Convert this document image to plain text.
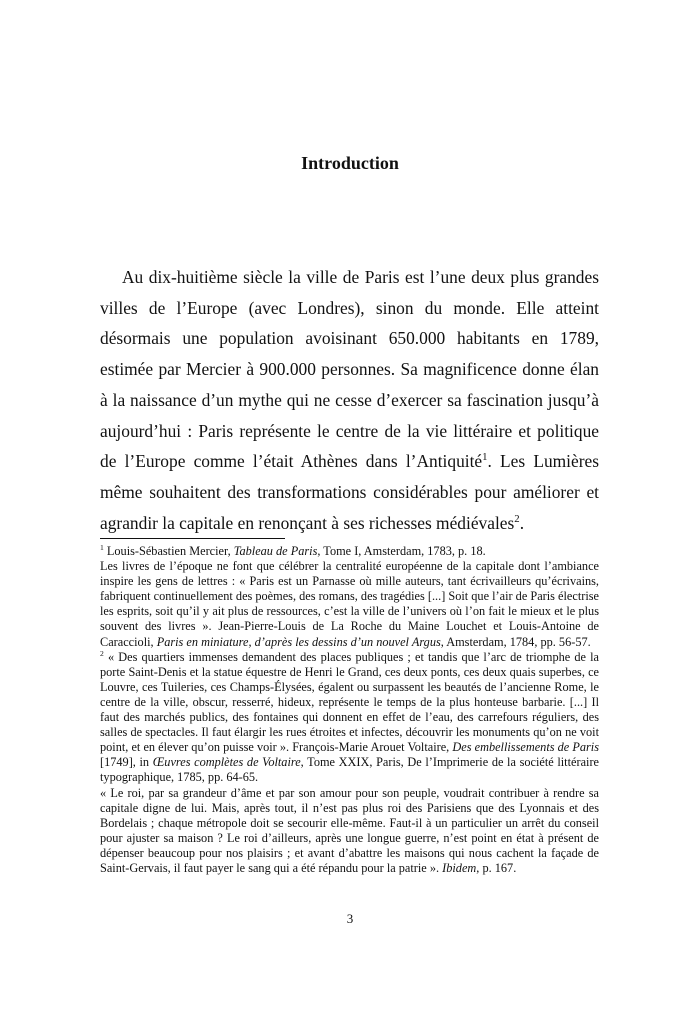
Introduction

Au dix-huitième siècle la ville de Paris est l’une deux plus grandes villes de l’Europe (avec Londres), sinon du monde. Elle atteint désormais une population avoisinant 650.000 habitants en 1789, estimée par Mercier à 900.000 personnes. Sa magnificence donne élan à la naissance d’un mythe qui ne cesse d’exercer sa fascination jusqu’à aujourd’hui : Paris représente le centre de la vie littéraire et politique de l’Europe comme l’était Athènes dans l’Antiquité$^1$. Les Lumières même souhaitent des transformations considérables pour améliorer et agrandir la capitale en renonçant à ses richesses médiévales$^2$.

$^1$ Louis-Sébastien Mercier, Tableau de Paris, Tome I, Amsterdam, 1783, p. 18.

Les livres de l’époque ne font que célébrer la centralité européenne de la capitale dont l’ambiance inspire les gens de lettres : « Paris est un Parnasse où mille auteurs, tant écrivailleurs qu’écrivains, fabriquent continuellement des poèmes, des romans, des tragédies [...] Soit que l’air de Paris électrise les esprits, soit qu’il y ait plus de ressources, c’est la ville de l’univers où l’on fait le mieux et le plus souvent des livres ». Jean-Pierre-Louis de La Roche du Maine Louchet et Louis-Antoine de Caraccioli, Paris en miniature, d’après les dessins d’un nouvel Argus, Amsterdam, 1784, pp. 56-57.

$^2$ « Des quartiers immenses demandent des places publiques ; et tandis que l’arc de triomphe de la porte Saint-Denis et la statue équestre de Henri le Grand, ces deux ponts, ces deux quais superbes, ce Louvre, ces Tuileries, ces Champs-Élysées, égalent ou surpassent les beautés de l’ancienne Rome, le centre de la ville, obscur, resserré, hideux, représente le temps de la plus honteuse barbarie. [...] Il faut des marchés publics, des fontaines qui donnent en effet de l’eau, des carrefours réguliers, des salles de spectacles. Il faut élargir les rues étroites et infectes, découvrir les monuments qu’on ne voit point, et en élever qu’on puisse voir ». François-Marie Arouet Voltaire, Des embellissements de Paris [1749], in Œuvres complètes de Voltaire, Tome XXIX, Paris, De l’Imprimerie de la société littéraire typographique, 1785, pp. 64-65.

« Le roi, par sa grandeur d’âme et par son amour pour son peuple, voudrait contribuer à rendre sa capitale digne de lui. Mais, après tout, il n’est pas plus roi des Parisiens que des Lyonnais et des Bordelais ; chaque métropole doit se secourir elle-même. Faut-il à un particulier un arrêt du conseil pour ajuster sa maison ? Le roi d’ailleurs, après une longue guerre, n’est point en état à présent de dépenser beaucoup pour nos plaisirs ; et avant d’abattre les maisons qui nous cachent la façade de Saint-Gervais, il faut payer le sang qui a été répandu pour la patrie ». Ibidem, p. 167.

3
